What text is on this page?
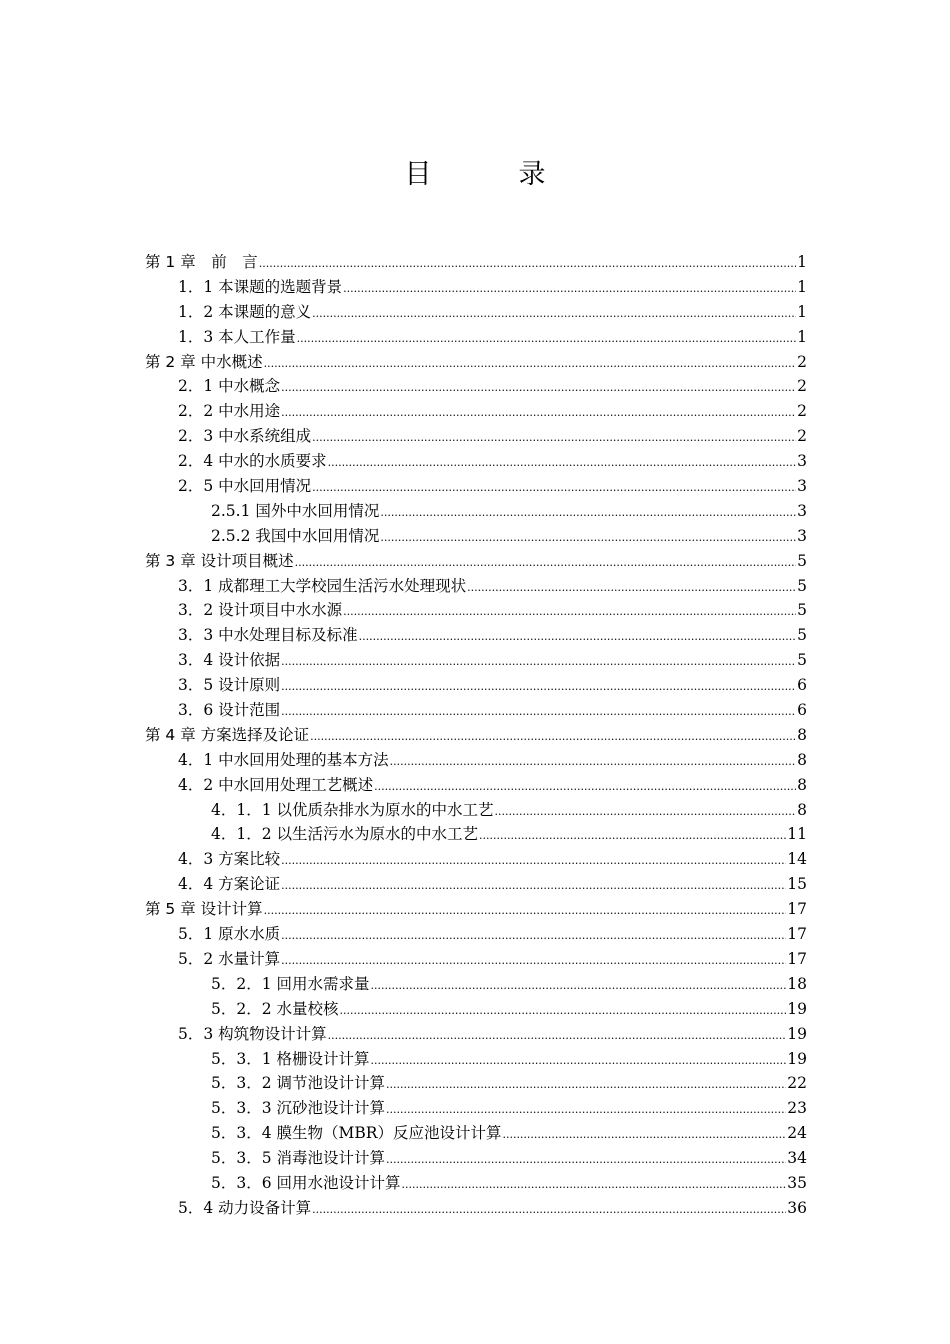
目　录
第 1 章　前　言 .....	1
1．1 本课题的选题背景 .....	1
1．2 本课题的意义 .....	1
1．3 本人工作量 .....	1
第 2 章 中水概述 .....	2
2．1 中水概念 .....	2
2．2 中水用途 .....	2
2．3 中水系统组成 .....	2
2．4 中水的水质要求 .....	3
2．5 中水回用情况 .....	3
2.5.1 国外中水回用情况 .....	3
2.5.2 我国中水回用情况 .....	3
第 3 章 设计项目概述 .....	5
3．1 成都理工大学校园生活污水处理现状 .....	5
3．2 设计项目中水水源 .....	5
3．3 中水处理目标及标准 .....	5
3．4 设计依据 .....	5
3．5 设计原则 .....	6
3．6 设计范围 .....	6
第 4 章 方案选择及论证 .....	8
4．1 中水回用处理的基本方法 .....	8
4．2 中水回用处理工艺概述 .....	8
4．1．1 以优质杂排水为原水的中水工艺 .....	8
4．1．2 以生活污水为原水的中水工艺 .....	11
4．3 方案比较 .....	14
4．4 方案论证 .....	15
第 5 章 设计计算 .....	17
5．1 原水水质 .....	17
5．2 水量计算 .....	17
5．2．1 回用水需求量 .....	18
5．2．2 水量校核 .....	19
5．3 构筑物设计计算 .....	19
5．3．1 格栅设计计算 .....	19
5．3．2 调节池设计计算 .....	22
5．3．3 沉砂池设计计算 .....	23
5．3．4 膜生物（MBR）反应池设计计算 .....	24
5．3．5 消毒池设计计算 .....	34
5．3．6 回用水池设计计算 .....	35
5．4 动力设备计算 .....	36
